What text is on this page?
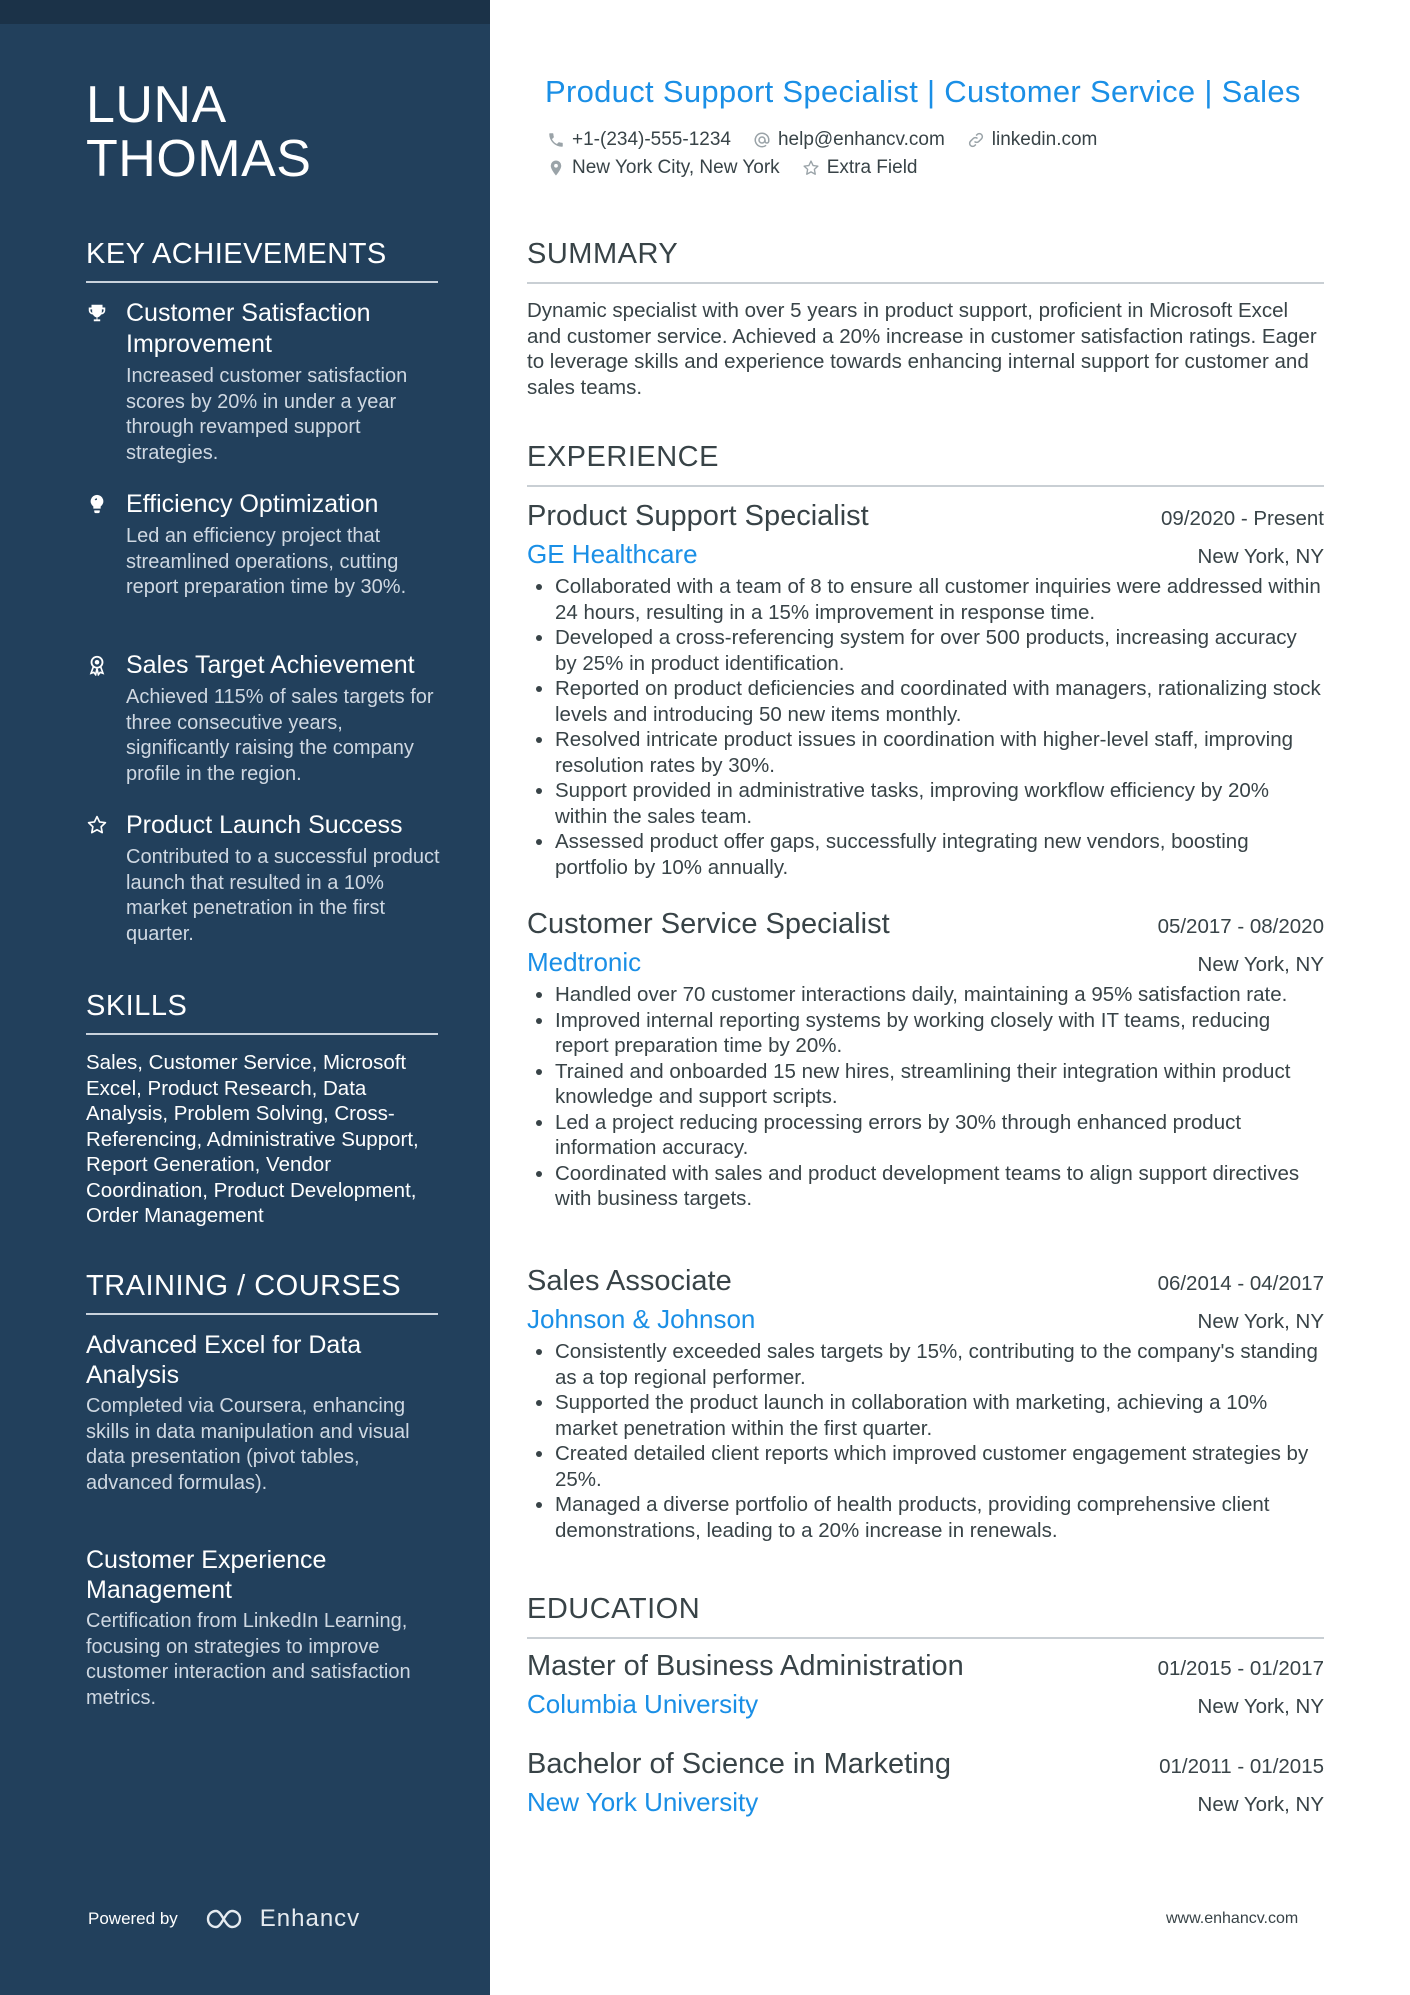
LUNA
THOMAS
KEY ACHIEVEMENTS
Customer Satisfaction Improvement
Increased customer satisfaction scores by 20% in under a year through revamped support strategies.
Efficiency Optimization
Led an efficiency project that streamlined operations, cutting report preparation time by 30%.
Sales Target Achievement
Achieved 115% of sales targets for three consecutive years, significantly raising the company profile in the region.
Product Launch Success
Contributed to a successful product launch that resulted in a 10% market penetration in the first quarter.
SKILLS
Sales, Customer Service, Microsoft Excel, Product Research, Data Analysis, Problem Solving, Cross-Referencing, Administrative Support, Report Generation, Vendor Coordination, Product Development, Order Management
TRAINING / COURSES
Advanced Excel for Data Analysis
Completed via Coursera, enhancing skills in data manipulation and visual data presentation (pivot tables, advanced formulas).
Customer Experience Management
Certification from LinkedIn Learning, focusing on strategies to improve customer interaction and satisfaction metrics.
Powered by	Enhancv
Product Support Specialist | Customer Service | Sales
+1-(234)-555-1234 help@enhancv.com linkedin.com
New York City, New York Extra Field
SUMMARY
Dynamic specialist with over 5 years in product support, proficient in Microsoft Excel and customer service. Achieved a 20% increase in customer satisfaction ratings. Eager to leverage skills and experience towards enhancing internal support for customer and sales teams.
EXPERIENCE
Product Support Specialist	09/2020 - Present
GE Healthcare	New York, NY
• Collaborated with a team of 8 to ensure all customer inquiries were addressed within 24 hours, resulting in a 15% improvement in response time.
• Developed a cross-referencing system for over 500 products, increasing accuracy by 25% in product identification.
• Reported on product deficiencies and coordinated with managers, rationalizing stock levels and introducing 50 new items monthly.
• Resolved intricate product issues in coordination with higher-level staff, improving resolution rates by 30%.
• Support provided in administrative tasks, improving workflow efficiency by 20% within the sales team.
• Assessed product offer gaps, successfully integrating new vendors, boosting portfolio by 10% annually.
Customer Service Specialist	05/2017 - 08/2020
Medtronic	New York, NY
• Handled over 70 customer interactions daily, maintaining a 95% satisfaction rate.
• Improved internal reporting systems by working closely with IT teams, reducing report preparation time by 20%.
• Trained and onboarded 15 new hires, streamlining their integration within product knowledge and support scripts.
• Led a project reducing processing errors by 30% through enhanced product information accuracy.
• Coordinated with sales and product development teams to align support directives with business targets.
Sales Associate	06/2014 - 04/2017
Johnson & Johnson	New York, NY
• Consistently exceeded sales targets by 15%, contributing to the company's standing as a top regional performer.
• Supported the product launch in collaboration with marketing, achieving a 10% market penetration within the first quarter.
• Created detailed client reports which improved customer engagement strategies by 25%.
• Managed a diverse portfolio of health products, providing comprehensive client demonstrations, leading to a 20% increase in renewals.
EDUCATION
Master of Business Administration	01/2015 - 01/2017
Columbia University	New York, NY
Bachelor of Science in Marketing	01/2011 - 01/2015
New York University	New York, NY
www.enhancv.com
